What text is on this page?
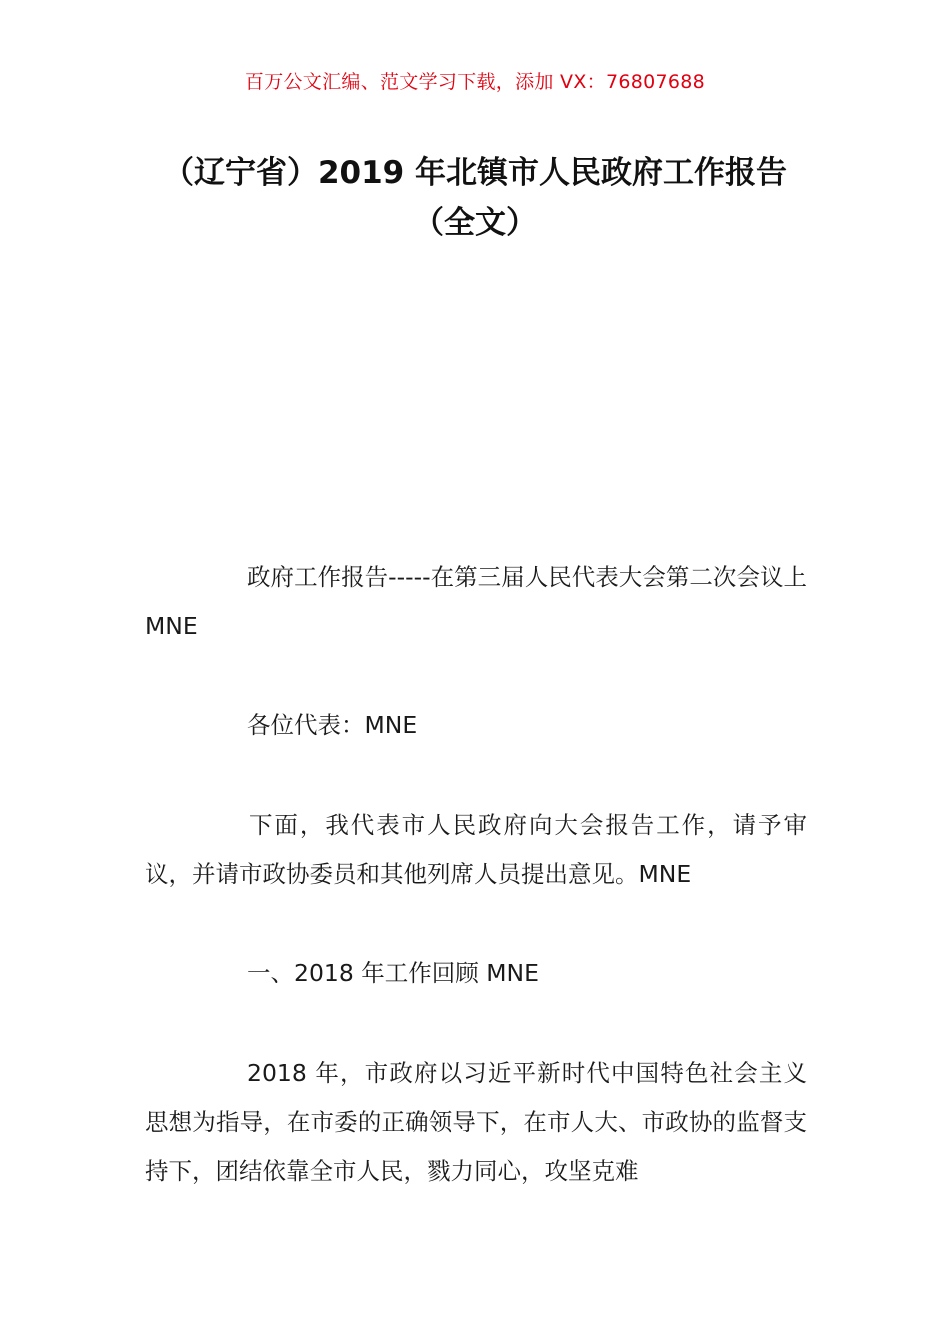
百万公文汇编、范文学习下载，添加 VX：76807688
（辽宁省）2019 年北镇市人民政府工作报告（全文）

政府工作报告-----在第三届人民代表大会第二次会议上 MNE

各位代表：MNE

下面，我代表市人民政府向大会报告工作，请予审议，并请市政协委员和其他列席人员提出意见。MNE

一、2018 年工作回顾 MNE

2018 年，市政府以习近平新时代中国特色社会主义思想为指导，在市委的正确领导下，在市人大、市政协的监督支持下，团结依靠全市人民，戮力同心，攻坚克难
